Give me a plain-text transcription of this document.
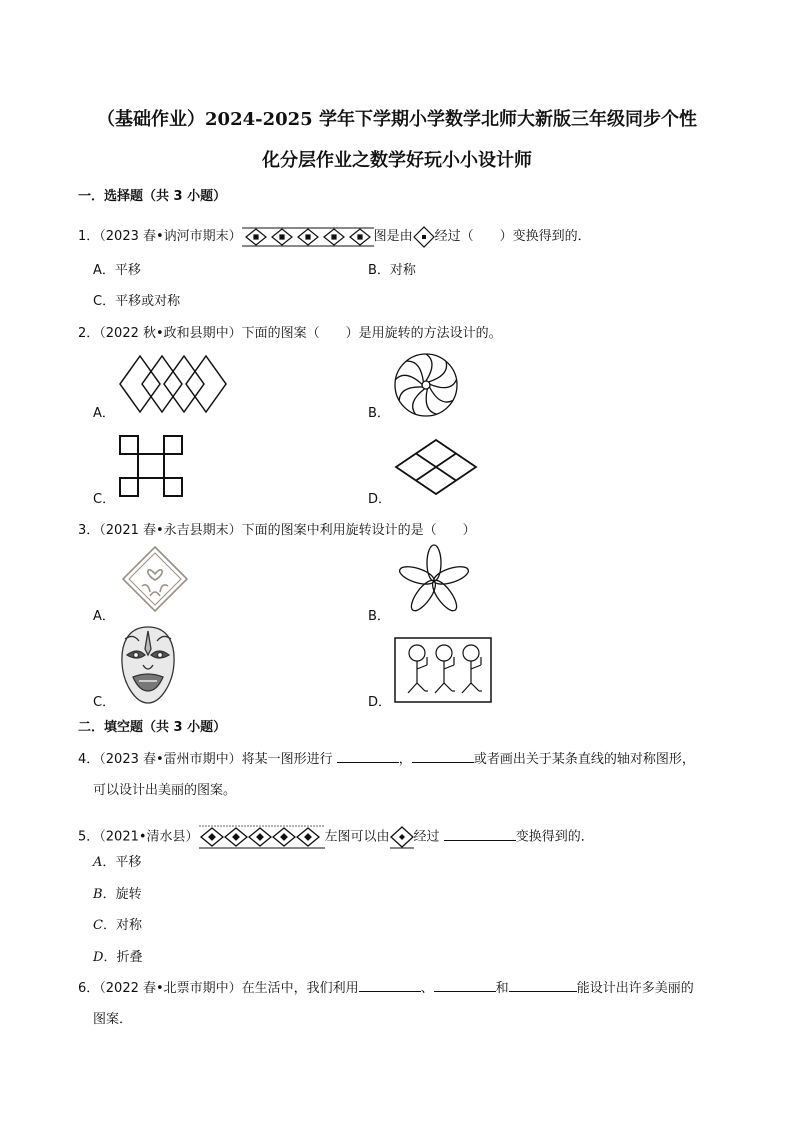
（基础作业）2024-2025 学年下学期小学数学北师大新版三年级同步个性
化分层作业之数学好玩小小设计师
一．选择题（共 3 小题）
1．（2023 春•讷河市期末）	图是由 经过（　　）变换得到的．
A．平移	B．对称
C．平移或对称
2．（2022 秋•政和县期中）下面的图案（　　）是用旋转的方法设计的。
A．	B．
C．	D．
3．（2021 春•永吉县期末）下面的图案中利用旋转设计的是（　　）
A．	B．
C．	D．
二．填空题（共 3 小题）
4．（2023 春•雷州市期中）将某一图形进行	，	或者画出关于某条直线的轴对称图形，
可以设计出美丽的图案。
5．（2021•清水县）	左图可以由 经过	变换得到的．
A．平移
B．旋转
C．对称
D．折叠
6．（2022 春•北票市期中）在生活中，我们利用	、	和	能设计出许多美丽的
图案．
